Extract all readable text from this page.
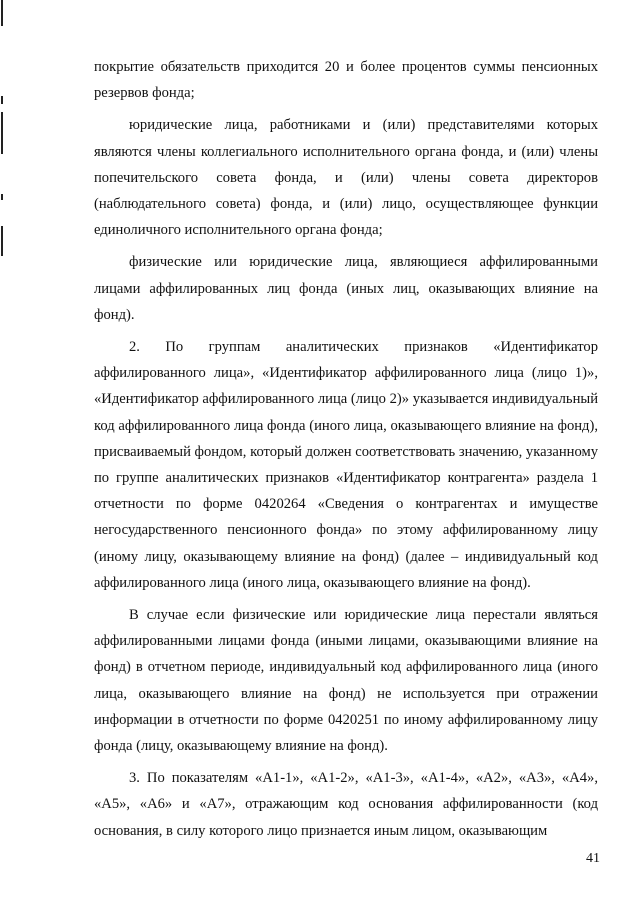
покрытие обязательств приходится 20 и более процентов суммы пенсионных резервов фонда;

юридические лица, работниками и (или) представителями которых являются члены коллегиального исполнительного органа фонда, и (или) члены попечительского совета фонда, и (или) члены совета директоров (наблюдательного совета) фонда, и (или) лицо, осуществляющее функции единоличного исполнительного органа фонда;

физические или юридические лица, являющиеся аффилированными лицами аффилированных лиц фонда (иных лиц, оказывающих влияние на фонд).

2. По группам аналитических признаков «Идентификатор аффилированного лица», «Идентификатор аффилированного лица (лицо 1)», «Идентификатор аффилированного лица (лицо 2)» указывается индивидуальный код аффилированного лица фонда (иного лица, оказывающего влияние на фонд), присваиваемый фондом, который должен соответствовать значению, указанному по группе аналитических признаков «Идентификатор контрагента» раздела 1 отчетности по форме 0420264 «Сведения о контрагентах и имуществе негосударственного пенсионного фонда» по этому аффилированному лицу (иному лицу, оказывающему влияние на фонд) (далее – индивидуальный код аффилированного лица (иного лица, оказывающего влияние на фонд).

В случае если физические или юридические лица перестали являться аффилированными лицами фонда (иными лицами, оказывающими влияние на фонд) в отчетном периоде, индивидуальный код аффилированного лица (иного лица, оказывающего влияние на фонд) не используется при отражении информации в отчетности по форме 0420251 по иному аффилированному лицу фонда (лицу, оказывающему влияние на фонд).

3. По показателям «А1-1», «А1-2», «А1-3», «А1-4», «А2», «А3», «А4», «А5», «А6» и «А7», отражающим код основания аффилированности (код основания, в силу которого лицо признается иным лицом, оказывающим

41
